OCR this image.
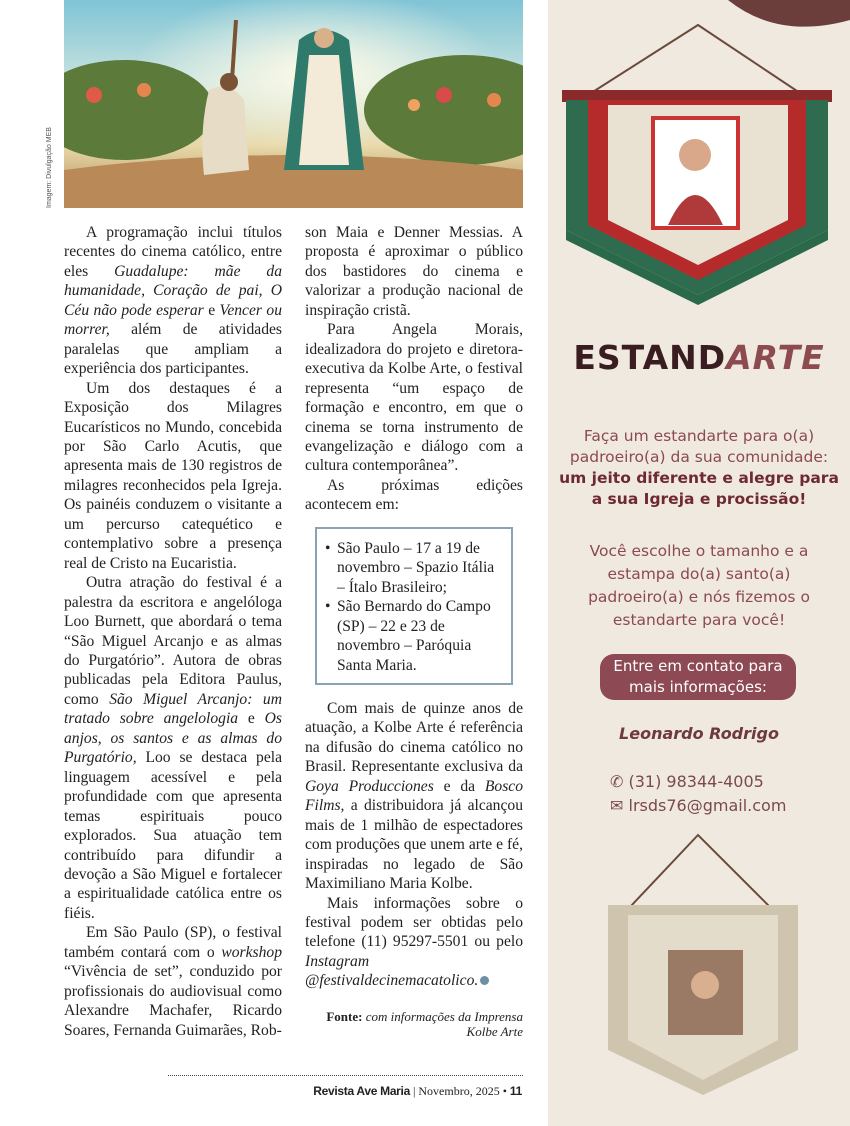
Imagem: Divulgação MEB

A programação inclui títulos recentes do cinema católico, entre eles Guadalupe: mãe da humanidade, Coração de pai, O Céu não pode esperar e Vencer ou morrer, além de atividades paralelas que ampliam a experiência dos participantes.

Um dos destaques é a Exposição dos Milagres Eucarísticos no Mundo, concebida por São Carlo Acutis, que apresenta mais de 130 registros de milagres reconhecidos pela Igreja. Os painéis conduzem o visitante a um percurso catequético e contemplativo sobre a presença real de Cristo na Eucaristia.

Outra atração do festival é a palestra da escritora e angelóloga Loo Burnett, que abordará o tema “São Miguel Arcanjo e as almas do Purgatório”. Autora de obras publicadas pela Editora Paulus, como São Miguel Arcanjo: um tratado sobre angelologia e Os anjos, os santos e as almas do Purgatório, Loo se destaca pela linguagem acessível e pela profundidade com que apresenta temas espirituais pouco explorados. Sua atuação tem contribuído para difundir a devoção a São Miguel e fortalecer a espiritualidade católica entre os fiéis.

Em São Paulo (SP), o festival também contará com o workshop “Vivência de set”, conduzido por profissionais do audiovisual como Alexandre Machafer, Ricardo Soares, Fernanda Guimarães, Rob-

son Maia e Denner Messias. A proposta é aproximar o público dos bastidores do cinema e valorizar a produção nacional de inspiração cristã.

Para Angela Morais, idealizadora do projeto e diretora-executiva da Kolbe Arte, o festival representa “um espaço de formação e encontro, em que o cinema se torna instrumento de evangelização e diálogo com a cultura contemporânea”.

As próximas edições acontecem em:

• São Paulo – 17 a 19 de novembro – Spazio Itália – Ítalo Brasileiro;
• São Bernardo do Campo (SP) – 22 e 23 de novembro – Paróquia Santa Maria.

Com mais de quinze anos de atuação, a Kolbe Arte é referência na difusão do cinema católico no Brasil. Representante exclusiva da Goya Producciones e da Bosco Films, a distribuidora já alcançou mais de 1 milhão de espectadores com produções que unem arte e fé, inspiradas no legado de São Maximiliano Maria Kolbe.

Mais informações sobre o festival podem ser obtidas pelo telefone (11) 95297-5501 ou pelo Instagram @festivaldecinemacatolico.

Fonte: com informações da Imprensa Kolbe Arte
Revista Ave Maria | Novembro, 2025 • 11
ESTANDARTE
Faça um estandarte para o(a) padroeiro(a) da sua comunidade:
um jeito diferente e alegre para a sua Igreja e procissão!
Você escolhe o tamanho e a estampa do(a) santo(a) padroeiro(a) e nós fizemos o estandarte para você!
Entre em contato para mais informações:
Leonardo Rodrigo
✆ (31) 98344-4005
✉ lrsds76@gmail.com
